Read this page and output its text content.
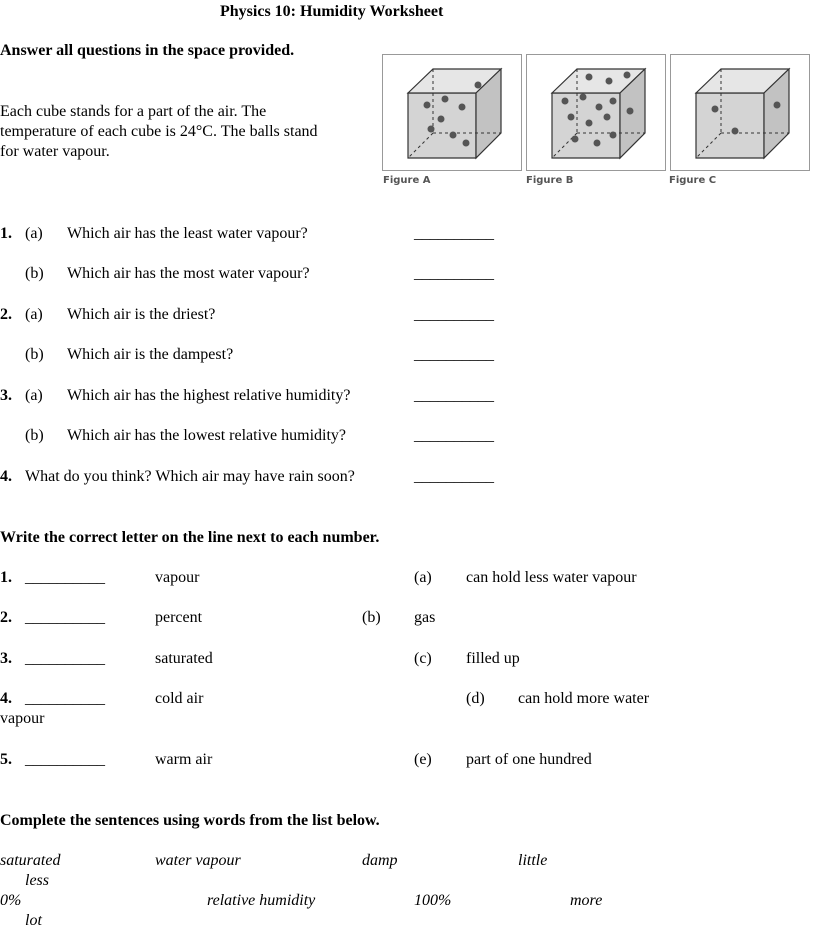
Physics 10: Humidity Worksheet
Answer all questions in the space provided.
Each cube stands for a part of the air. The
temperature of each cube is 24°C. The balls stand
for water vapour.
Figure A	Figure B	Figure C
1. (a) Which air has the least water vapour?	__________
(b) Which air has the most water vapour?	__________
2. (a) Which air is the driest?	__________
(b) Which air is the dampest?	__________
3. (a) Which air has the highest relative humidity?	__________
(b) Which air has the lowest relative humidity?	__________
4. What do you think? Which air may have rain soon?	__________
Write the correct letter on the line next to each number.
1. __________	vapour	(a) can hold less water vapour
2. __________	percent	(b) gas
3. __________	saturated	(c) filled up
4. __________	cold air	(d) can hold more water
vapour
5. __________	warm air	(e) part of one hundred
Complete the sentences using words from the list below.
saturated	water vapour	damp	little
less
0%	relative humidity	100%	more
lot
